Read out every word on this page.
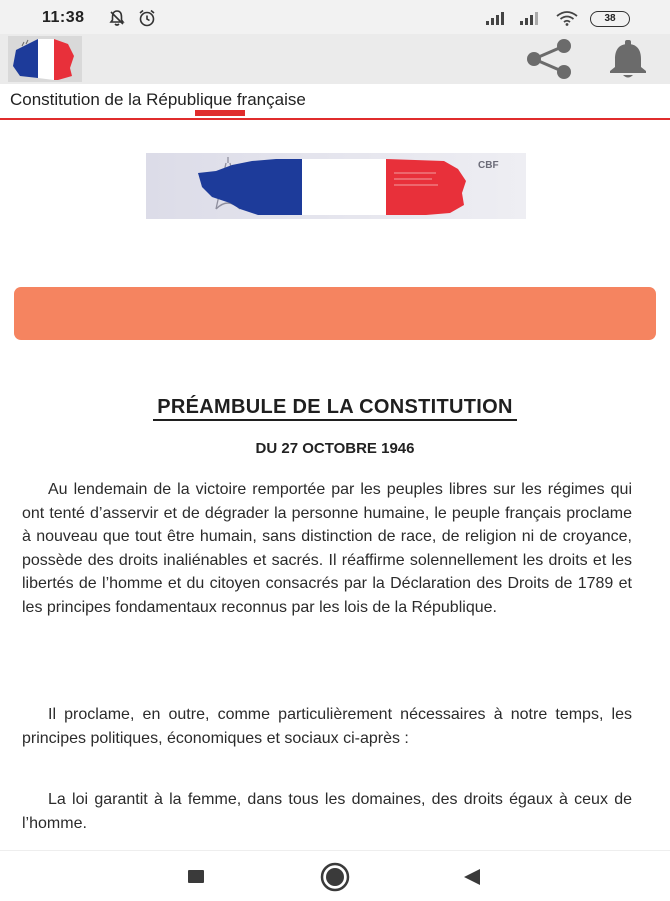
11:38	38
Constitution de la République française
CBF
PRÉAMBULE DE LA CONSTITUTION
DU 27 OCTOBRE 1946

Au lendemain de la victoire remportée par les peuples libres sur les régimes qui ont tenté d’asservir et de dégrader la personne humaine, le peuple français proclame à nouveau que tout être humain, sans distinction de race, de religion ni de croyance, possède des droits inaliénables et sacrés. Il réaffirme solennellement les droits et les libertés de l’homme et du citoyen consacrés par la Déclaration des Droits de 1789 et les principes fondamentaux reconnus par les lois de la République.

Il proclame, en outre, comme particulièrement nécessaires à notre temps, les principes politiques, économiques et sociaux ci-après :

La loi garantit à la femme, dans tous les domaines, des droits égaux à ceux de l’homme.
